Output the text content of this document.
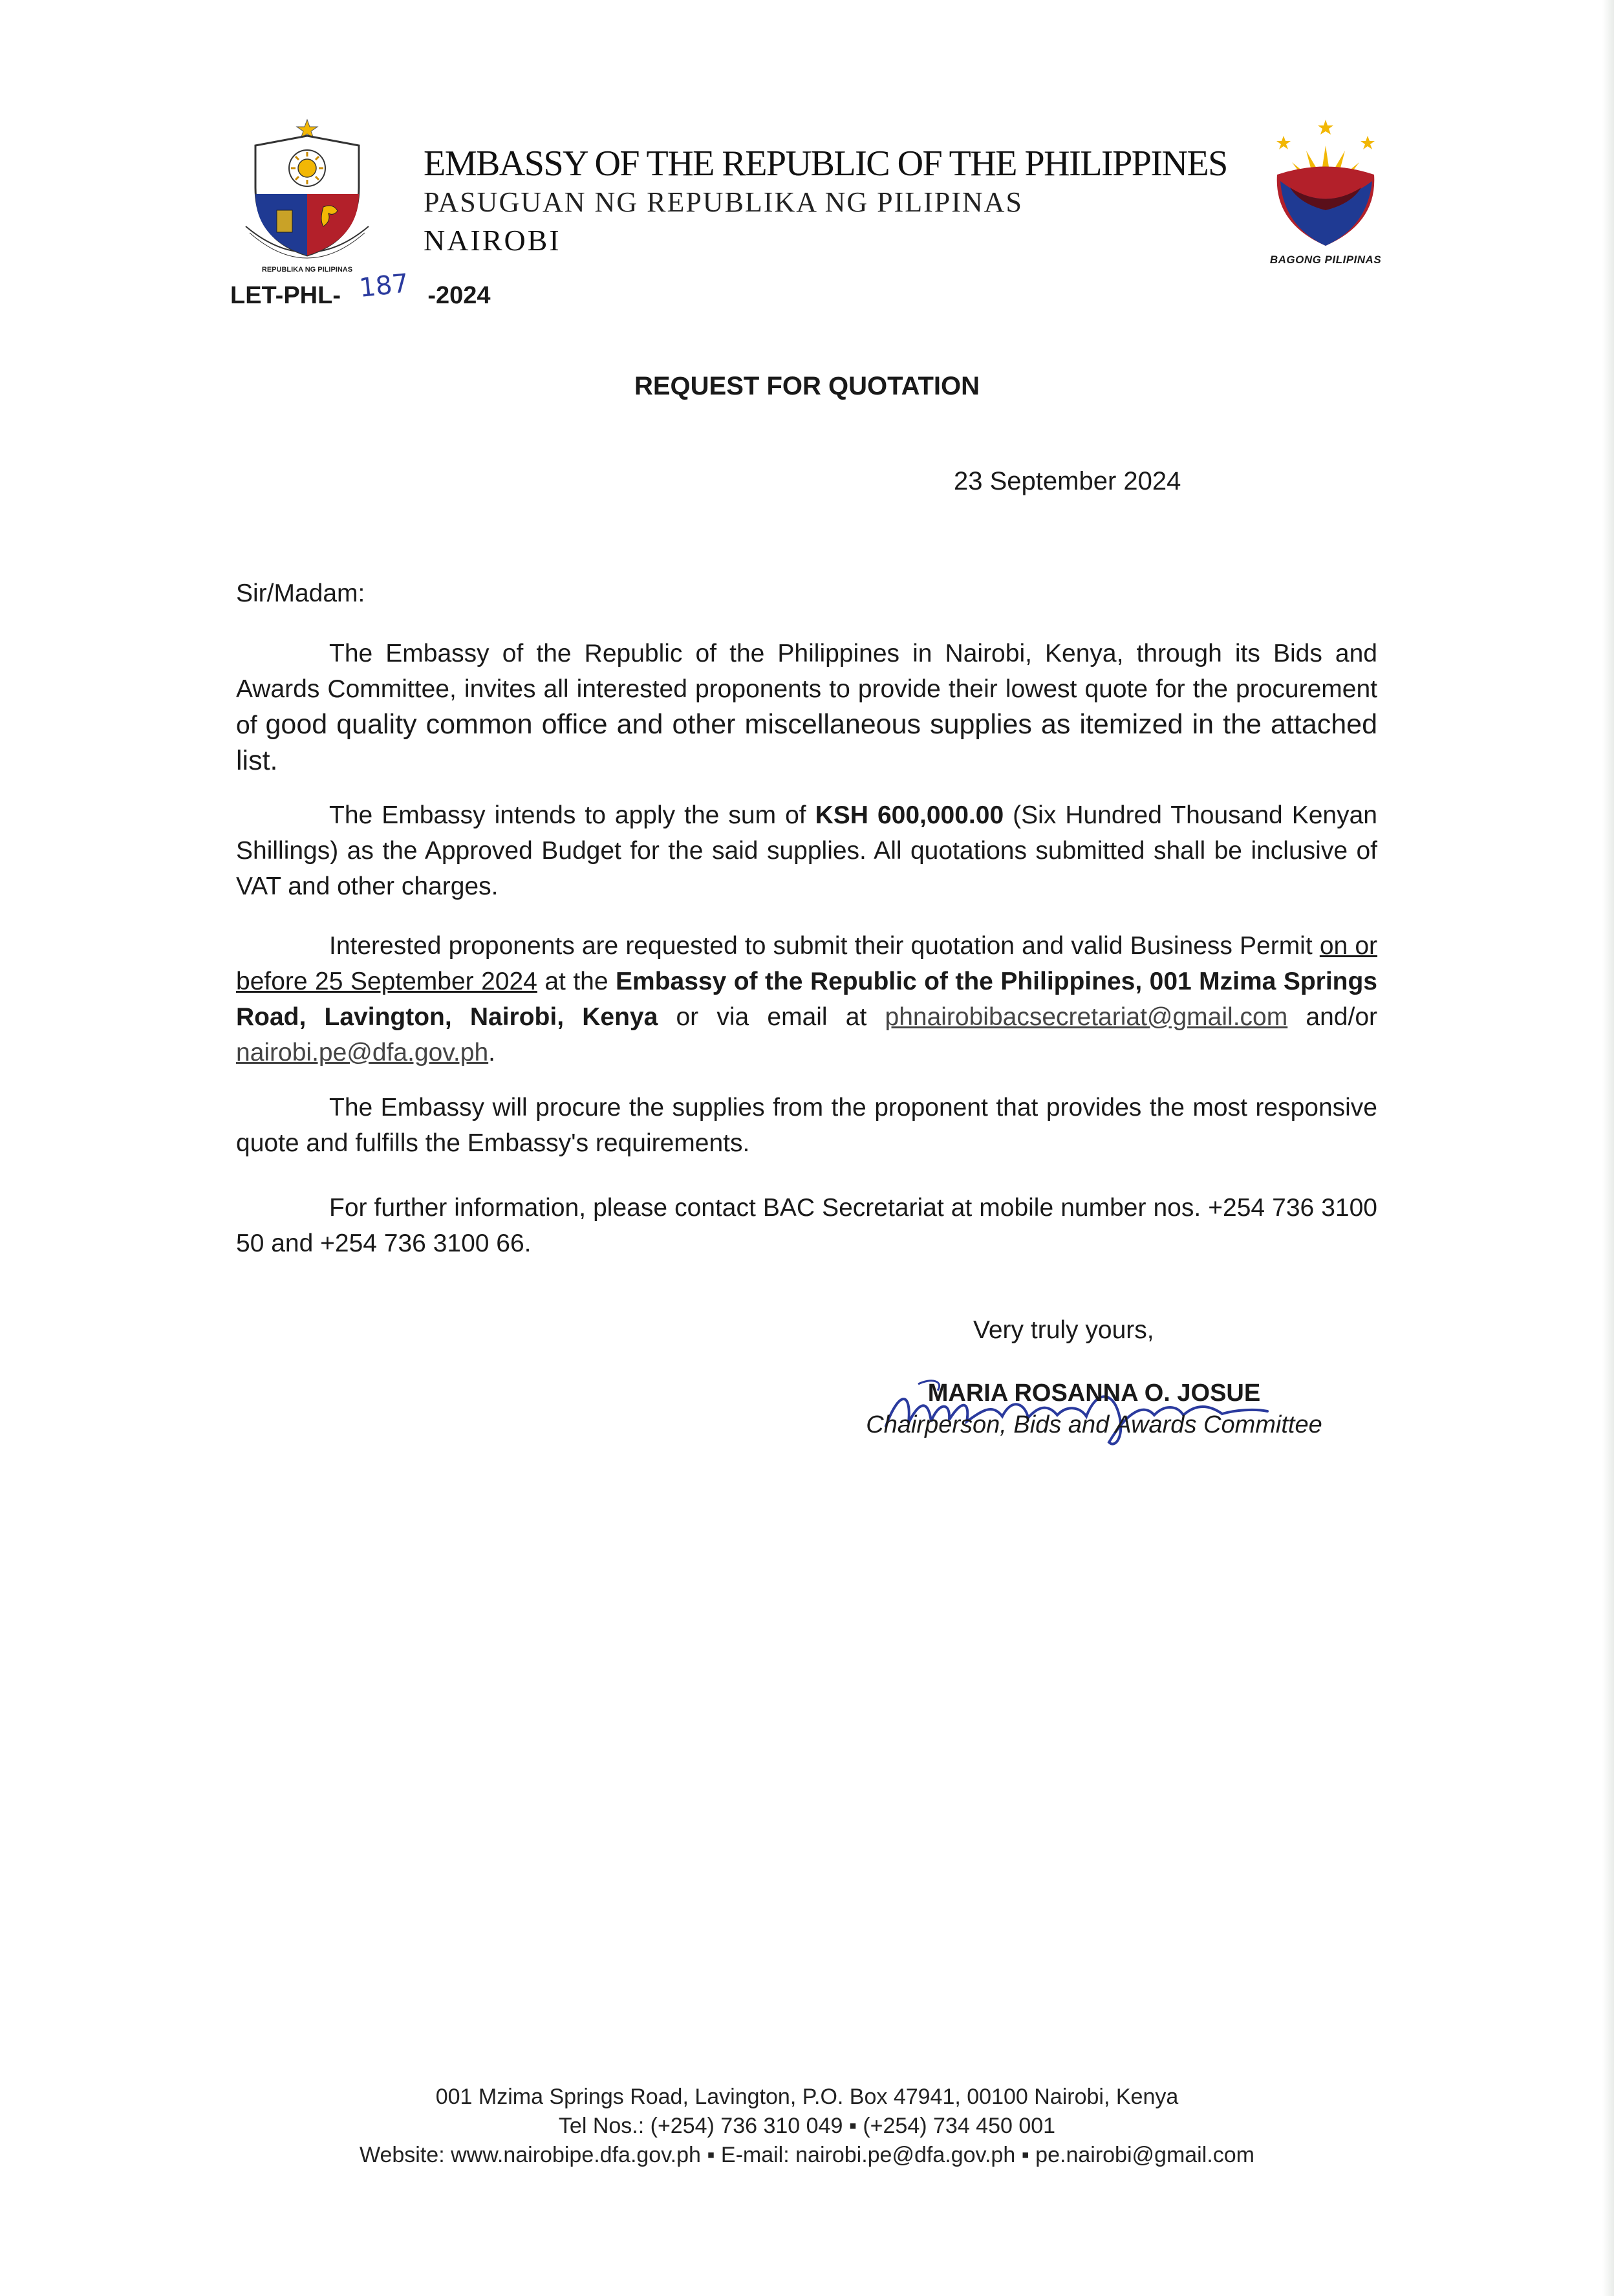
REPUBLIKA NG PILIPINAS
EMBASSY OF THE REPUBLIC OF THE PHILIPPINES
PASUGUAN NG REPUBLIKA NG PILIPINAS
NAIROBI
BAGONG PILIPINAS
LET-PHL- 187 -2024
REQUEST FOR QUOTATION
23 September 2024
Sir/Madam:

The Embassy of the Republic of the Philippines in Nairobi, Kenya, through its Bids and Awards Committee, invites all interested proponents to provide their lowest quote for the procurement of good quality common office and other miscellaneous supplies as itemized in the attached list.

The Embassy intends to apply the sum of KSH 600,000.00 (Six Hundred Thousand Kenyan Shillings) as the Approved Budget for the said supplies. All quotations submitted shall be inclusive of VAT and other charges.

Interested proponents are requested to submit their quotation and valid Business Permit on or before 25 September 2024 at the Embassy of the Republic of the Philippines, 001 Mzima Springs Road, Lavington, Nairobi, Kenya or via email at phnairobibacsecretariat@gmail.com and/or nairobi.pe@dfa.gov.ph.

The Embassy will procure the supplies from the proponent that provides the most responsive quote and fulfills the Embassy's requirements.

For further information, please contact BAC Secretariat at mobile number nos. +254 736 3100 50 and +254 736 3100 66.

Very truly yours,
MARIA ROSANNA O. JOSUE
Chairperson, Bids and Awards Committee
001 Mzima Springs Road, Lavington, P.O. Box 47941, 00100 Nairobi, Kenya
Tel Nos.: (+254) 736 310 049 ▪ (+254) 734 450 001
Website: www.nairobipe.dfa.gov.ph ▪ E-mail: nairobi.pe@dfa.gov.ph ▪ pe.nairobi@gmail.com
